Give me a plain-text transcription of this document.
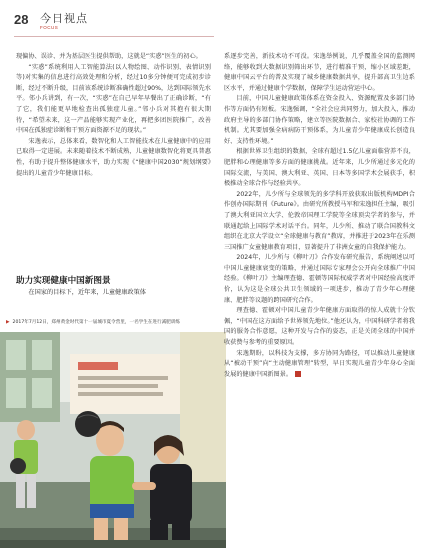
28 今日视点
FOCUS

现偏协、误诊、并为基层医生提供帮助，这就是“实惑”医生的初心。

“实惑”系统利用人工智能算法(以人物绘图、动作识别、表情识别等)对实集的信息进行高效处理和分析，经过10多分钟便可完成初步诊断，经过不断升级，目前该系统诊断准确性超过90%，达到国际领先水平。邻小兵讲到，有一次，“实惑”在自己早年早餐出了正确诊断，“有了它，我们能更早地检查出孤独症儿童。”邻小兵对其抱有很大期待，“希望未来，这一产品能够实现产业化，再把多团医院推广，改善中国在孤独症诊断和干预方面资源不足的现状。”

宋逸表示，总体来看，数智化和人工智能技术在儿童健康中的应用已取得一定进展。未来随着技术不断成熟，儿童健康数智化将更具普惠性，有助于提升整体健康水平，助力实现《“健康中国2030”规划纲要》提出的儿童青少年健康目标。

助力实现健康中国新图景

在国家的目标下，近年来，儿童健康政策体

▶ 2017年7月12日，郑州黄金时代第十一届城市夏令营里，一名学生在进行减肥训练

系逐步完善，新技术功不可没。宋逸举例说，几乎覆盖全国的监测网络，能够收到大数据识别筛出环节，进行精准干预，缩小区域差距，健康中国云平台的普及实现了城乡健康数据共享，提升部高卫生边系区水平，并通过健康个学数据，保障学生运动营运中心。

目前，中国儿童健康政策体系在资金投入、资源配置及多部门协作等方面仍有短板。宋逸强调，“全社会应共同努力，加大投入，推动政府主导的多部门协作策略，建立等医院数据合、家校社协调的工作机制。尤其要加强全病病防干预体系，为儿童青少年健康成长创造良好、支持性环境。”

根据世界卫生组织的数据，全球有超过1.5亿儿童面临营养不良，肥胖和心理健康等多方面的健康挑战。近年来，儿少所通过多元化的国际交流，与美国、澳大利亚、英国、日本等多国学术会展获手，积极推动全球合作与经验共享。

2022年，儿少所与全球领先的多学科开放获取出版机构MDPI合作创办国际期刊《Future》。由研究所教授马军和宋逸担任主编，吸引了澳大利亚国立大学、伦敦帝国理工学院等全球顶尖学者的参与，并联通起给上国际学术对话平台。同年，儿少所、推动了联合国教科文组织在北京大学设立“全球健康与教育”教席，并推进于2023年在乐测三国推广女童健康教育项目，显著提升了非洲女童的自我保护能力。

2024年，儿少所与《柳叶刀》合作发布研究报告，系统阐述以可中国儿童健康衰变的策略，并通过国际专家理会公开向全球推广中国经验。《柳叶刀》主编理查德、霍顿等国际权威学者对中国经验高度评价，认为这是全球公共卫生领域的一项进步，推动了青少年心理健康、肥胖等议题的跨国研究合作。

理查德、霍顿对中国儿童青少年健康方面取得的惊人成就十分钦佩，“中国在这方面给予世界领先地位。”他还认为，中国科研学者将我国的服务合作意愿，这种开发与合作的姿态，正是关闭全球的中国并收获赞与参考的重要原因。

宋逸期盼，以科技为支撑，多方协同为路径，可以推动儿童健康从“被动干预”向“主动健康管理”转型，早日实现儿童青少年身心全面发展的健康中国新图景。
